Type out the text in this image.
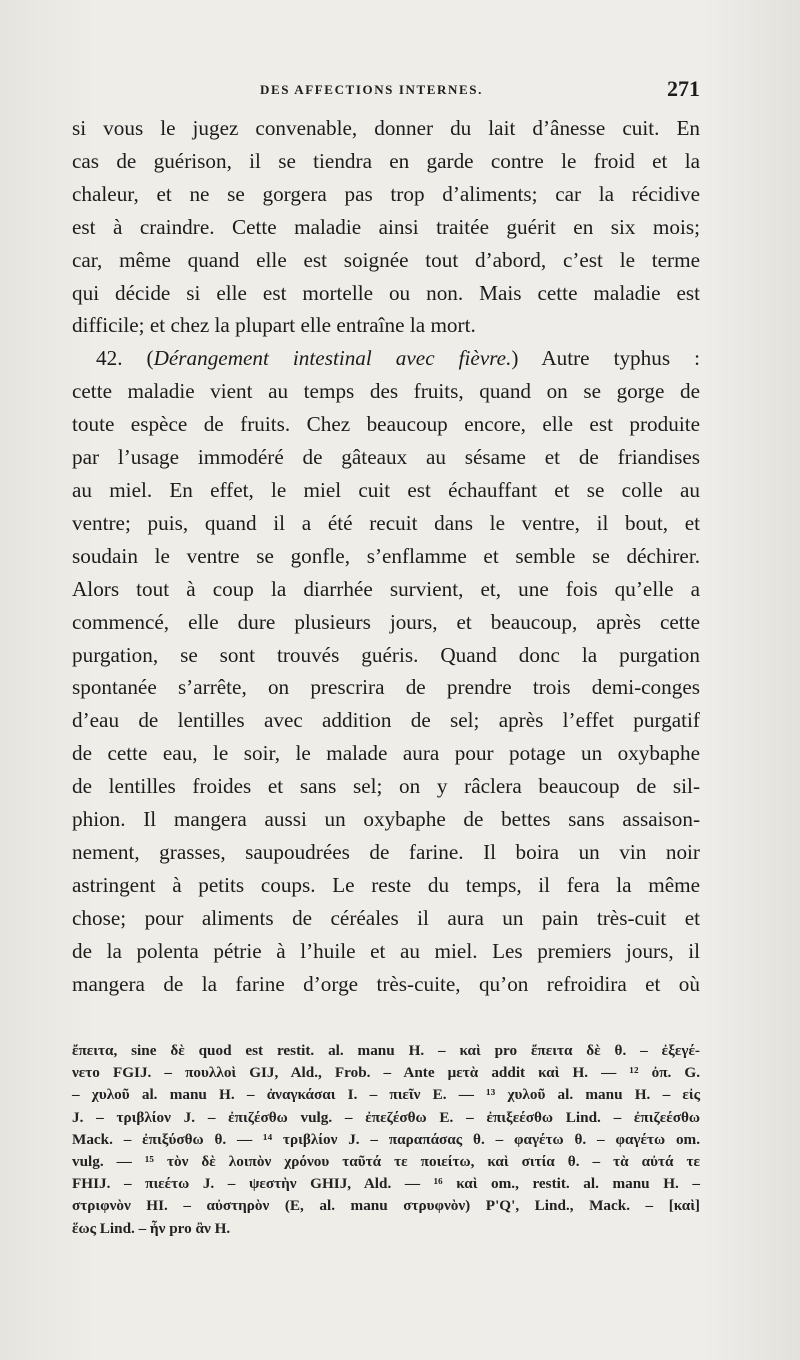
DES AFFECTIONS INTERNES.	271
si vous le jugez convenable, donner du lait d’ânesse cuit. En
cas de guérison, il se tiendra en garde contre le froid et la
chaleur, et ne se gorgera pas trop d’aliments; car la récidive
est à craindre. Cette maladie ainsi traitée guérit en six mois;
car, même quand elle est soignée tout d’abord, c’est le terme
qui décide si elle est mortelle ou non. Mais cette maladie est
difficile; et chez la plupart elle entraîne la mort.
42. (Dérangement intestinal avec fièvre.) Autre typhus :
cette maladie vient au temps des fruits, quand on se gorge de
toute espèce de fruits. Chez beaucoup encore, elle est produite
par l’usage immodéré de gâteaux au sésame et de friandises
au miel. En effet, le miel cuit est échauffant et se colle au
ventre; puis, quand il a été recuit dans le ventre, il bout, et
soudain le ventre se gonfle, s’enflamme et semble se déchirer.
Alors tout à coup la diarrhée survient, et, une fois qu’elle a
commencé, elle dure plusieurs jours, et beaucoup, après cette
purgation, se sont trouvés guéris. Quand donc la purgation
spontanée s’arrête, on prescrira de prendre trois demi-conges
d’eau de lentilles avec addition de sel; après l’effet purgatif
de cette eau, le soir, le malade aura pour potage un oxybaphe
de lentilles froides et sans sel; on y râclera beaucoup de sil-
phion. Il mangera aussi un oxybaphe de bettes sans assaison-
nement, grasses, saupoudrées de farine. Il boira un vin noir
astringent à petits coups. Le reste du temps, il fera la même
chose; pour aliments de céréales il aura un pain très-cuit et
de la polenta pétrie à l’huile et au miel. Les premiers jours, il
mangera de la farine d’orge très-cuite, qu’on refroidira et où
ἔπειτα, sine δὲ quod est restit. al. manu H. – καὶ pro ἔπειτα δὲ θ. – ἐξεγέ-
νετο FGIJ. – πουλλοὶ GIJ, Ald., Frob. – Ante μετὰ addit καὶ H. — ¹² ὀπ. G.
– χυλοῦ al. manu H. – ἀναγκάσαι I. – πιεῖν E. — ¹³ χυλοῦ al. manu H. – εἰς
J. – τριβλίον J. – ἐπιζέσθω vulg. – ἐπεζέσθω E. – ἐπιξεέσθω Lind. – ἐπιζεέσθω
Mack. – ἐπιξύσθω θ. — ¹⁴ τριβλίον J. – παραπάσας θ. – φαγέτω θ. – φαγέτω om.
vulg. — ¹⁵ τὸν δὲ λοιπὸν χρόνου ταῦτά τε ποιείτω, καὶ σιτία θ. – τὰ αὐτά τε
FHIJ. – πιεέτω J. – ψεστὴν GHIJ, Ald. — ¹⁶ καὶ om., restit. al. manu H. –
στριφνὸν HI. – αὐστηρὸν (E, al. manu στρυφνὸν) P'Q', Lind., Mack. – [καὶ]
ἕως Lind. – ἦν pro ἂν H.
